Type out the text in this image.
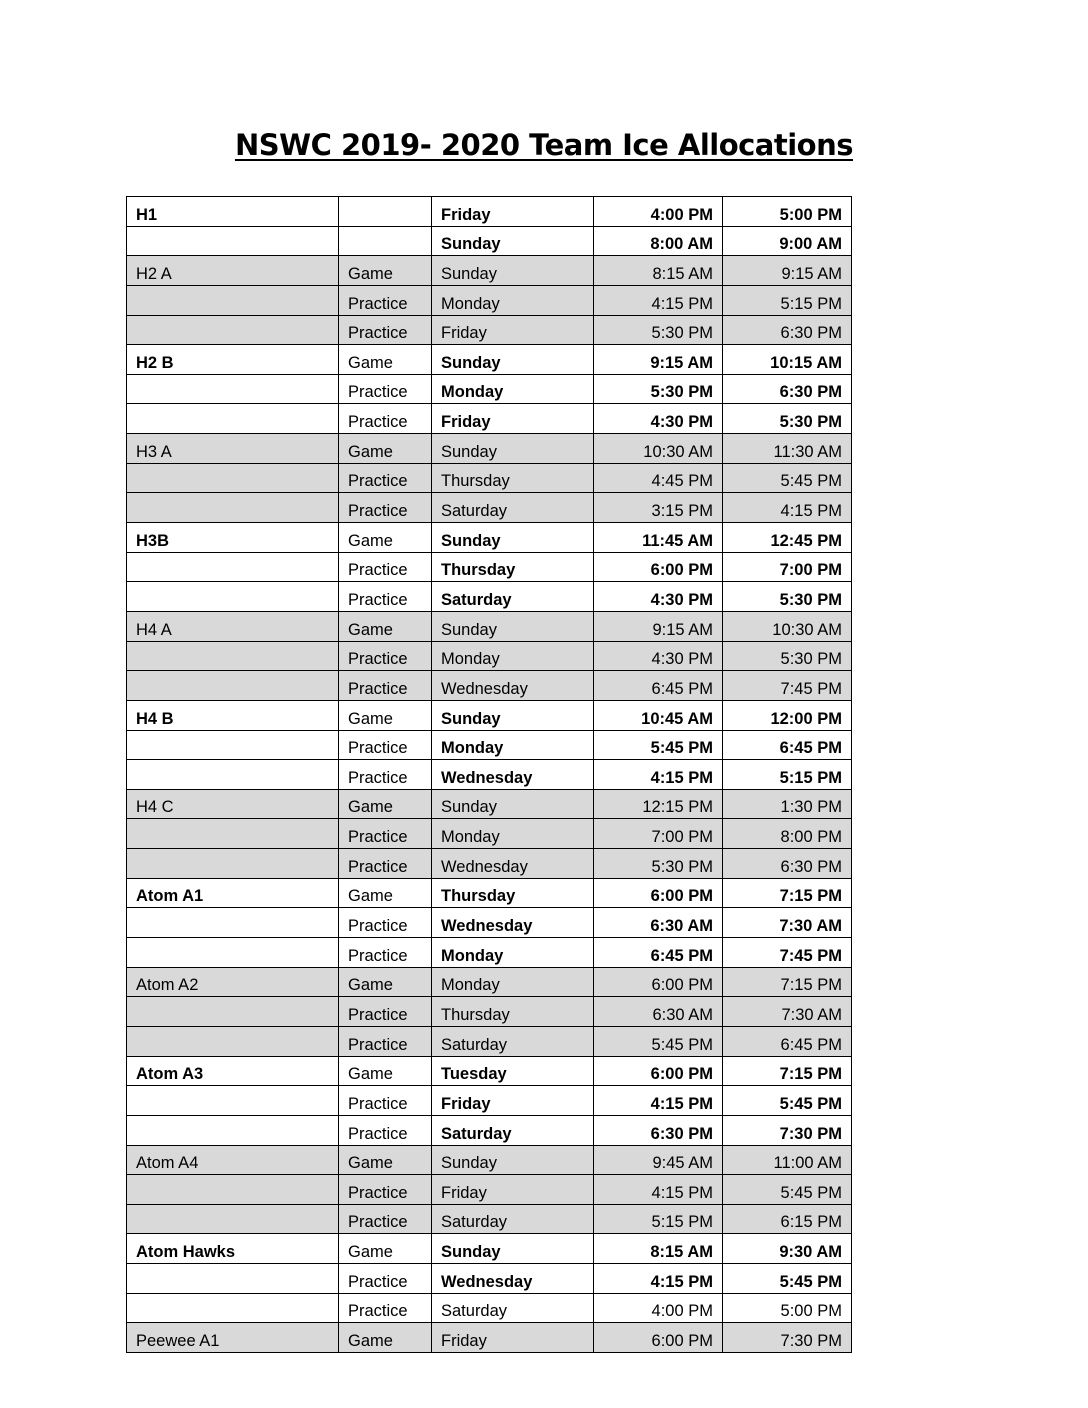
NSWC 2019- 2020 Team Ice Allocations
H1		Friday	4:00 PM	5:00 PM
		Sunday	8:00 AM	9:00 AM
H2 A	Game	Sunday	8:15 AM	9:15 AM
	Practice	Monday	4:15 PM	5:15 PM
	Practice	Friday	5:30 PM	6:30 PM
H2 B	Game	Sunday	9:15 AM	10:15 AM
	Practice	Monday	5:30 PM	6:30 PM
	Practice	Friday	4:30 PM	5:30 PM
H3 A	Game	Sunday	10:30 AM	11:30 AM
	Practice	Thursday	4:45 PM	5:45 PM
	Practice	Saturday	3:15 PM	4:15 PM
H3B	Game	Sunday	11:45 AM	12:45 PM
	Practice	Thursday	6:00 PM	7:00 PM
	Practice	Saturday	4:30 PM	5:30 PM
H4 A	Game	Sunday	9:15 AM	10:30 AM
	Practice	Monday	4:30 PM	5:30 PM
	Practice	Wednesday	6:45 PM	7:45 PM
H4 B	Game	Sunday	10:45 AM	12:00 PM
	Practice	Monday	5:45 PM	6:45 PM
	Practice	Wednesday	4:15 PM	5:15 PM
H4 C	Game	Sunday	12:15 PM	1:30 PM
	Practice	Monday	7:00 PM	8:00 PM
	Practice	Wednesday	5:30 PM	6:30 PM
Atom A1	Game	Thursday	6:00 PM	7:15 PM
	Practice	Wednesday	6:30 AM	7:30 AM
	Practice	Monday	6:45 PM	7:45 PM
Atom A2	Game	Monday	6:00 PM	7:15 PM
	Practice	Thursday	6:30 AM	7:30 AM
	Practice	Saturday	5:45 PM	6:45 PM
Atom A3	Game	Tuesday	6:00 PM	7:15 PM
	Practice	Friday	4:15 PM	5:45 PM
	Practice	Saturday	6:30 PM	7:30 PM
Atom A4	Game	Sunday	9:45 AM	11:00 AM
	Practice	Friday	4:15 PM	5:45 PM
	Practice	Saturday	5:15 PM	6:15 PM
Atom Hawks	Game	Sunday	8:15 AM	9:30 AM
	Practice	Wednesday	4:15 PM	5:45 PM
	Practice	Saturday	4:00 PM	5:00 PM
Peewee A1	Game	Friday	6:00 PM	7:30 PM
